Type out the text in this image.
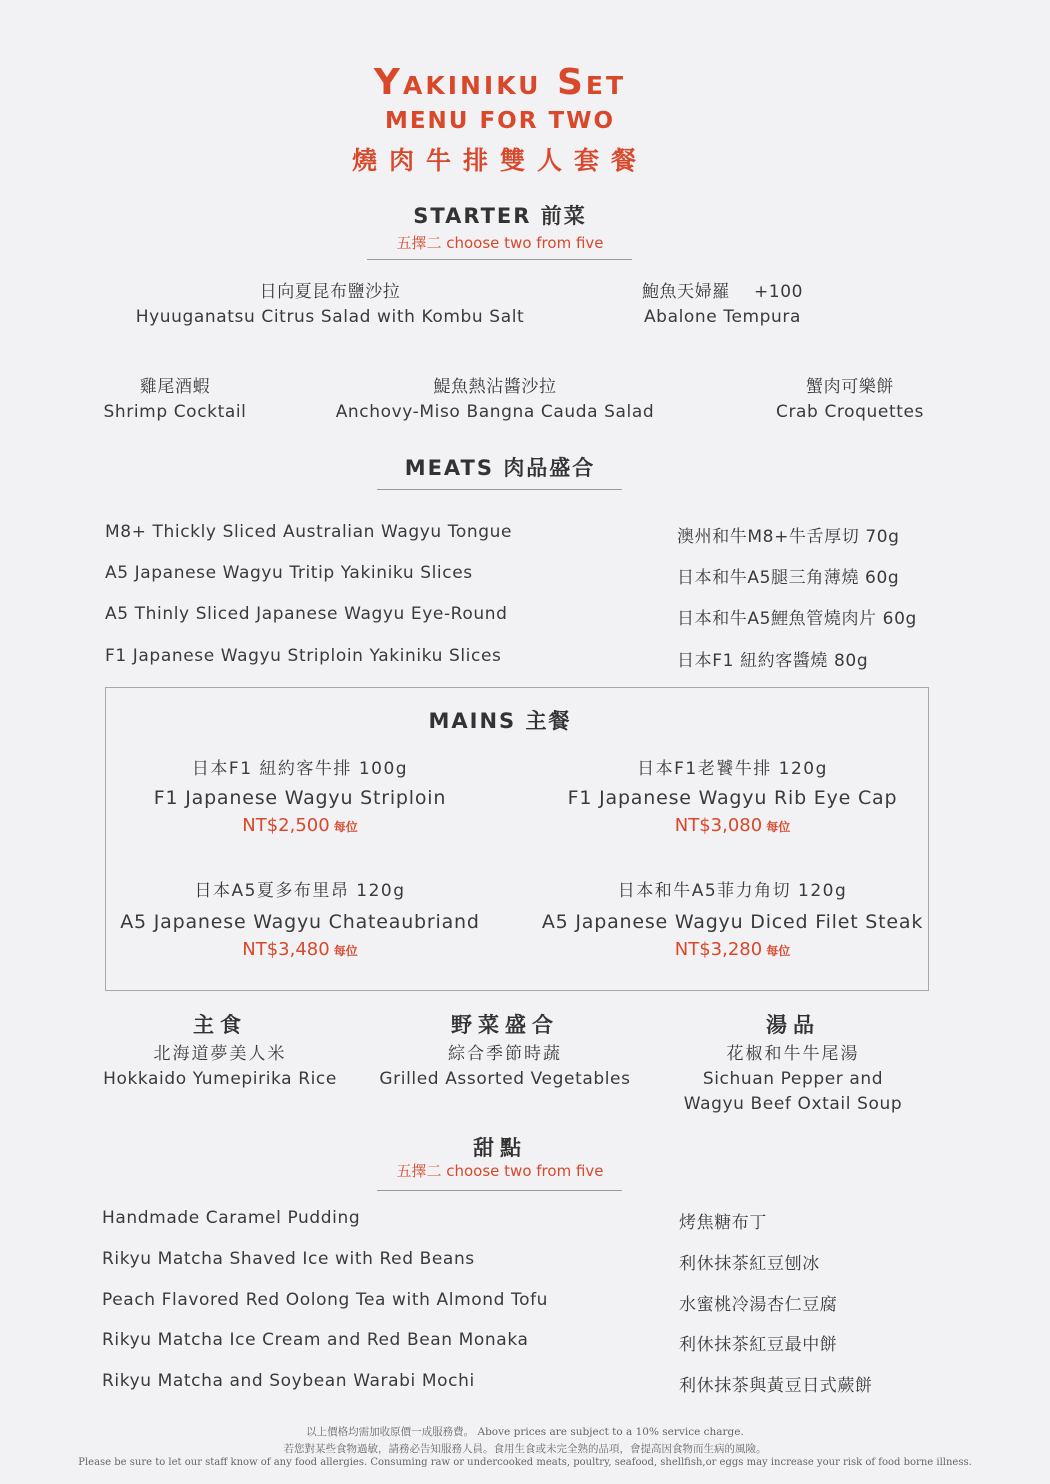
Yakiniku Set
MENU FOR TWO
燒肉牛排雙人套餐
STARTER 前菜
五擇二 choose two from five
日向夏昆布鹽沙拉
Hyuuganatsu Citrus Salad with Kombu Salt
鮑魚天婦羅 +100
Abalone Tempura
雞尾酒蝦
Shrimp Cocktail
鯷魚熱沾醬沙拉
Anchovy-Miso Bangna Cauda Salad
蟹肉可樂餅
Crab Croquettes
MEATS 肉品盛合
M8+ Thickly Sliced Australian Wagyu Tongue	澳州和牛M8+牛舌厚切 70g
A5 Japanese Wagyu Tritip Yakiniku Slices	日本和牛A5腿三角薄燒 60g
A5 Thinly Sliced Japanese Wagyu Eye-Round	日本和牛A5鯉魚管燒肉片 60g
F1 Japanese Wagyu Striploin Yakiniku Slices	日本F1 紐約客醬燒 80g
MAINS 主餐
日本F1 紐約客牛排 100g
F1 Japanese Wagyu Striploin
NT$2,500 每位
日本F1老饕牛排 120g
F1 Japanese Wagyu Rib Eye Cap
NT$3,080 每位
日本A5夏多布里昂 120g
A5 Japanese Wagyu Chateaubriand
NT$3,480 每位
日本和牛A5菲力角切 120g
A5 Japanese Wagyu Diced Filet Steak
NT$3,280 每位
主食
北海道夢美人米
Hokkaido Yumepirika Rice
野菜盛合
綜合季節時蔬
Grilled Assorted Vegetables
湯品
花椒和牛牛尾湯
Sichuan Pepper and
Wagyu Beef Oxtail Soup
甜點
五擇二 choose two from five
Handmade Caramel Pudding	烤焦糖布丁
Rikyu Matcha Shaved Ice with Red Beans	利休抹茶紅豆刨冰
Peach Flavored Red Oolong Tea with Almond Tofu	水蜜桃冷湯杏仁豆腐
Rikyu Matcha Ice Cream and Red Bean Monaka	利休抹茶紅豆最中餅
Rikyu Matcha and Soybean Warabi Mochi	利休抹茶與黃豆日式蕨餅
以上價格均需加收原價一成服務費。 Above prices are subject to a 10% service charge.
若您對某些食物過敏，請務必告知服務人員。食用生食或未完全熟的品項，會提高因食物而生病的風險。
Please be sure to let our staff know of any food allergies. Consuming raw or undercooked meats, poultry, seafood, shellfish,or eggs may increase your risk of food borne illness.
